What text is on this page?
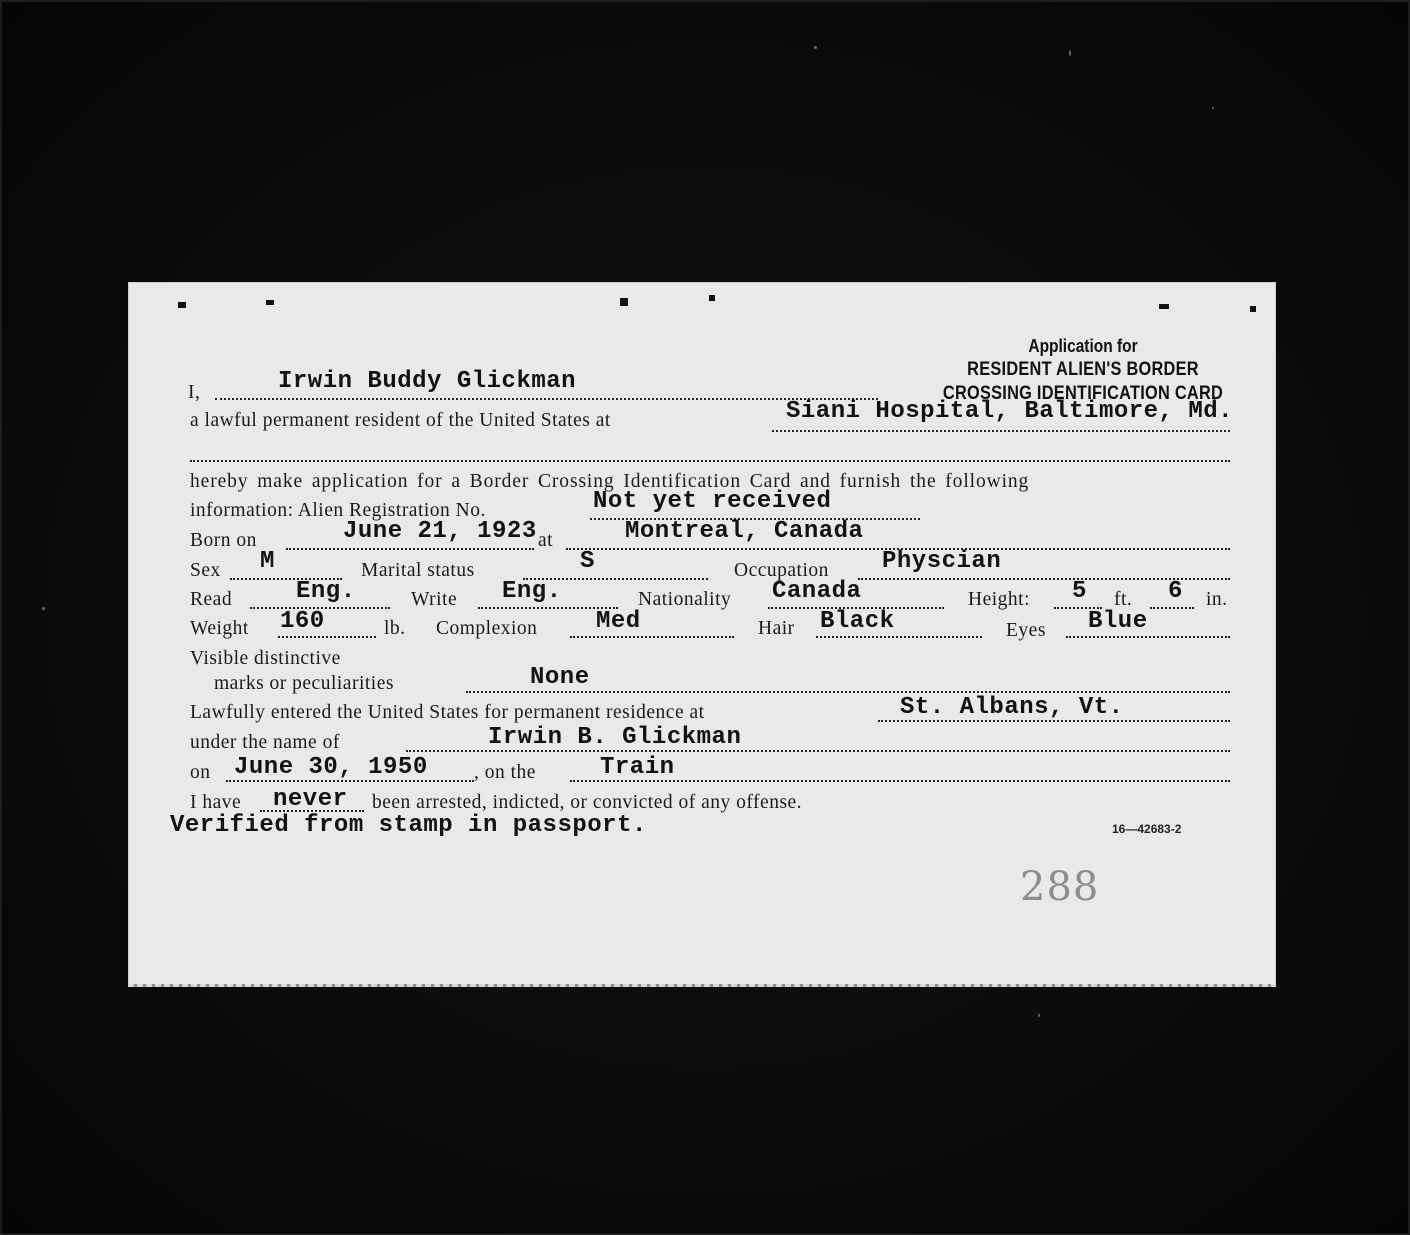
Application for
RESIDENT ALIEN'S BORDER
CROSSING IDENTIFICATION CARD
I,	Irwin Buddy Glickman
a lawful permanent resident of the United States at	Siani Hospital, Baltimore, Md.
hereby make application for a Border Crossing Identification Card and furnish the following
information: Alien Registration No.	Not yet received
Born on	June 21, 1923 at	Montreal, Canada
Sex M	Marital status	S	Occupation Physcian
Read	Eng.	Write Eng.	Nationality Canada	Height: 5 ft. 6 in.
Weight 160	lb. Complexion Med	Hair Black	Eyes Blue
Visible distinctive
marks or peculiarities	None
Lawfully entered the United States for permanent residence at	St. Albans, Vt.
under the name of	Irwin B. Glickman
on June 30, 1950 , on the	Train
I have never been arrested, indicted, or convicted of any offense.
Verified from stamp in passport.	16—42683-2
288
